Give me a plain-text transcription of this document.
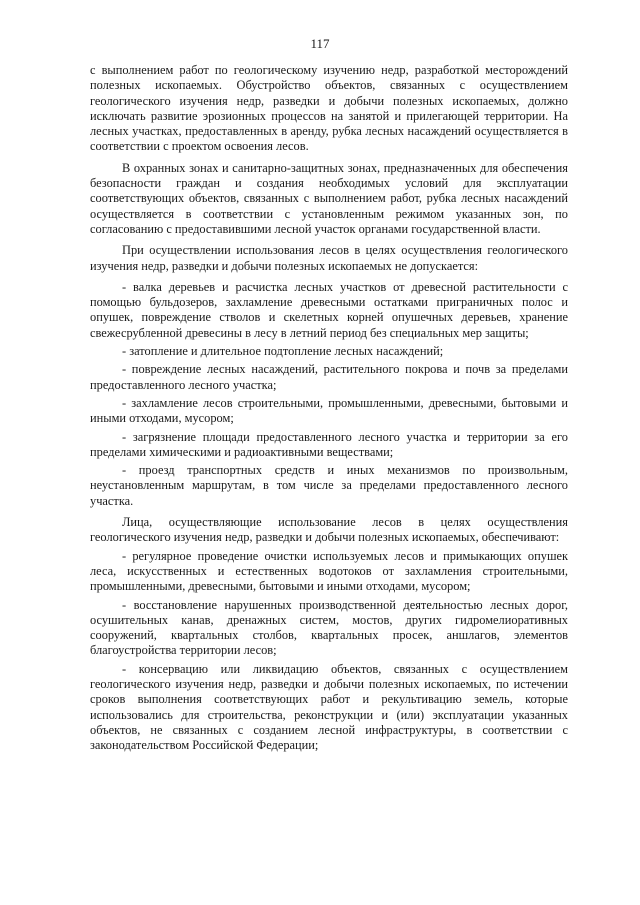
117

с выполнением работ по геологическому изучению недр, разработкой месторождений полезных ископаемых. Обустройство объектов, связанных с осуществлением геологического изучения недр, разведки и добычи полезных ископаемых, должно исключать развитие эрозионных процессов на занятой и прилегающей территории. На лесных участках, предоставленных в аренду, рубка лесных насаждений осуществляется в соответствии с проектом освоения лесов.

В охранных зонах и санитарно-защитных зонах, предназначенных для обеспечения безопасности граждан и создания необходимых условий для эксплуатации соответствующих объектов, связанных с выполнением работ, рубка лесных насаждений осуществляется в соответствии с установленным режимом указанных зон, по согласованию с предоставившими лесной участок органами государственной власти.

При осуществлении использования лесов в целях осуществления геологического изучения недр, разведки и добычи полезных ископаемых не допускается:

- валка деревьев и расчистка лесных участков от древесной растительности с помощью бульдозеров, захламление древесными остатками приграничных полос и опушек, повреждение стволов и скелетных корней опушечных деревьев, хранение свежесрубленной древесины в лесу в летний период без специальных мер защиты;

- затопление и длительное подтопление лесных насаждений;

- повреждение лесных насаждений, растительного покрова и почв за пределами предоставленного лесного участка;

- захламление лесов строительными, промышленными, древесными, бытовыми и иными отходами, мусором;

- загрязнение площади предоставленного лесного участка и территории за его пределами химическими и радиоактивными веществами;

- проезд транспортных средств и иных механизмов по произвольным, неустановленным маршрутам, в том числе за пределами предоставленного лесного участка.

Лица, осуществляющие использование лесов в целях осуществления геологического изучения недр, разведки и добычи полезных ископаемых, обеспечивают:

- регулярное проведение очистки используемых лесов и примыкающих опушек леса, искусственных и естественных водотоков от захламления строительными, промышленными, древесными, бытовыми и иными отходами, мусором;

- восстановление нарушенных производственной деятельностью лесных дорог, осушительных канав, дренажных систем, мостов, других гидромелиоративных сооружений, квартальных столбов, квартальных просек, аншлагов, элементов благоустройства территории лесов;

- консервацию или ликвидацию объектов, связанных с осуществлением геологического изучения недр, разведки и добычи полезных ископаемых, по истечении сроков выполнения соответствующих работ и рекультивацию земель, которые использовались для строительства, реконструкции и (или) эксплуатации указанных объектов, не связанных с созданием лесной инфраструктуры, в соответствии с законодательством Российской Федерации;
